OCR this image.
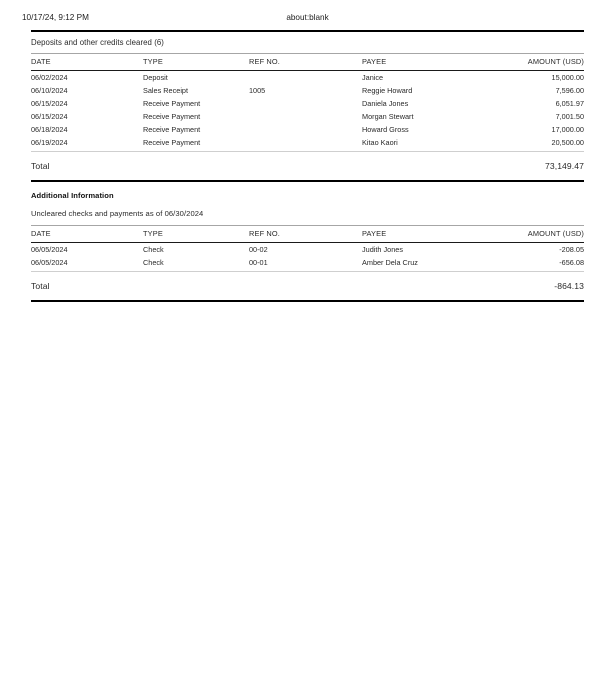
10/17/24, 9:12 PM	about:blank
Deposits and other credits cleared (6)
DATE	TYPE	REF NO.	PAYEE	AMOUNT (USD)
06/02/2024	Deposit		Janice	15,000.00
06/10/2024	Sales Receipt	1005	Reggie Howard	7,596.00
06/15/2024	Receive Payment		Daniela Jones	6,051.97
06/15/2024	Receive Payment		Morgan Stewart	7,001.50
06/18/2024	Receive Payment		Howard Gross	17,000.00
06/19/2024	Receive Payment		Kitao Kaori	20,500.00
Total	73,149.47
Additional Information
Uncleared checks and payments as of 06/30/2024
DATE	TYPE	REF NO.	PAYEE	AMOUNT (USD)
06/05/2024	Check	00-02	Judith Jones	-208.05
06/05/2024	Check	00-01	Amber Dela Cruz	-656.08
Total	-864.13
